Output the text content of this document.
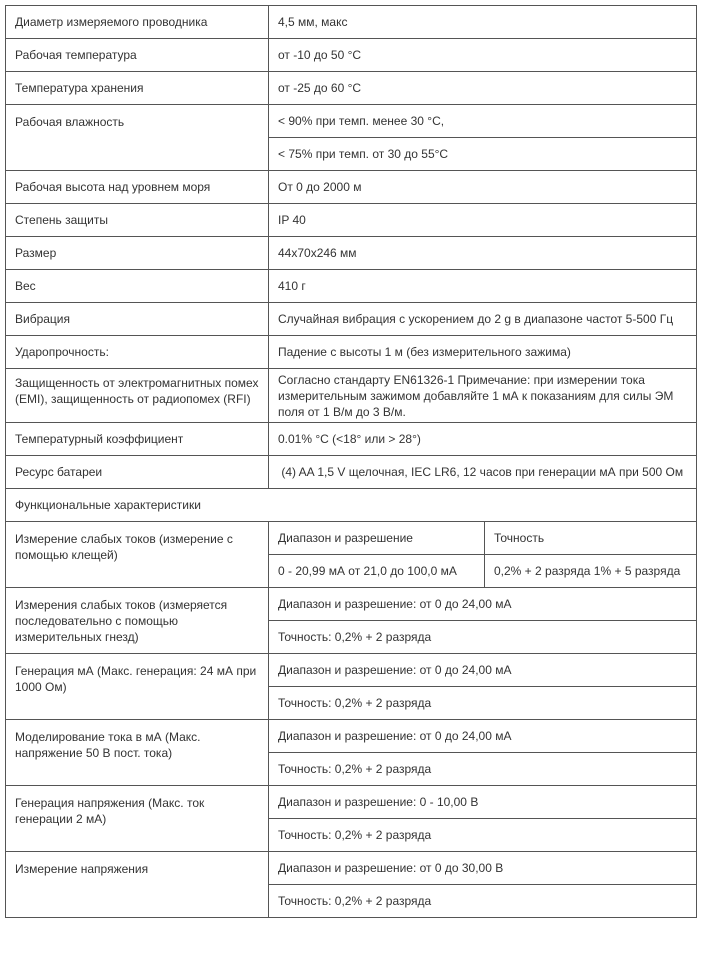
Диаметр измеряемого проводника	4,5 мм, макс	
Рабочая температура	от -10 до 50 °C	
Температура хранения	от -25 до 60 °C	
Рабочая влажность	< 90% при темп. менее 30 °C,	
	< 75% при темп. от 30 до 55°C	
Рабочая высота над уровнем моря	От 0 до 2000 м	
Степень защиты	IP 40	
Размер	44x70x246 мм	
Вес	410 г	
Вибрация	Случайная вибрация с ускорением до 2 g в диапазоне частот 5-500 Гц	
Ударопрочность:	Падение с высоты 1 м (без измерительного зажима)	
Защищенность от электромагнитных помех (EMI), защищенность от радиопомех (RFI)	Согласно стандарту EN61326-1 Примечание: при измерении тока измерительным зажимом добавляйте 1 мА к показаниям для силы ЭМ поля от 1 В/м до 3 В/м.	
Температурный коэффициент	0.01% °C (<18° или > 28°)	
Ресурс батареи	(4) AA 1,5 V щелочная, IEC LR6, 12 часов при генерации мА при 500 Ом	
Функциональные характеристики		
Измерение слабых токов (измерение с помощью клещей)	Диапазон и разрешение	Точность
	0 - 20,99 мА от 21,0 до 100,0 мА	0,2% + 2 разряда 1% + 5 разряда
Измерения слабых токов (измеряется последовательно с помощью измерительных гнезд)	Диапазон и разрешение: от 0 до 24,00 мА	
	Точность: 0,2% + 2 разряда	
Генерация мА (Макс. генерация: 24 мА при 1000 Ом)	Диапазон и разрешение: от 0 до 24,00 мА	
	Точность: 0,2% + 2 разряда	
Моделирование тока в мА (Макс. напряжение 50 В пост. тока)	Диапазон и разрешение: от 0 до 24,00 мА	
	Точность: 0,2% + 2 разряда	
Генерация напряжения (Макс. ток генерации 2 мА)	Диапазон и разрешение: 0 - 10,00 В	
	Точность: 0,2% + 2 разряда	
Измерение напряжения	Диапазон и разрешение: от 0 до 30,00 В	
	Точность: 0,2% + 2 разряда	
